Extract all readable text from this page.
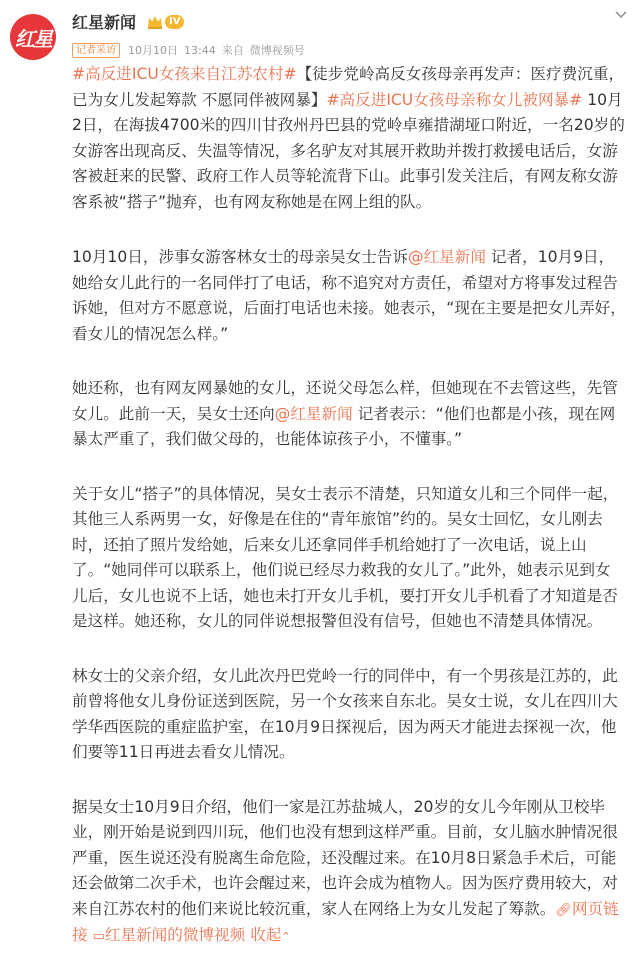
红星
红星新闻	IV
记者采访	10月10日 13:44 来自 微博视频号

#高反进ICU女孩来自江苏农村#【徒步党岭高反女孩母亲再发声：医疗费沉重，已为女儿发起筹款 不愿同伴被网暴】#高反进ICU女孩母亲称女儿被网暴# 10月2日，在海拔4700米的四川甘孜州丹巴县的党岭卓雍措湖垭口附近，一名20岁的女游客出现高反、失温等情况，多名驴友对其展开救助并拨打救援电话后，女游客被赶来的民警、政府工作人员等轮流背下山。此事引发关注后，有网友称女游客系被“搭子”抛弃，也有网友称她是在网上组的队。

10月10日，涉事女游客林女士的母亲吴女士告诉@红星新闻 记者，10月9日，她给女儿此行的一名同伴打了电话，称不追究对方责任，希望对方将事发过程告诉她，但对方不愿意说，后面打电话也未接。她表示，“现在主要是把女儿弄好，看女儿的情况怎么样。”

她还称，也有网友网暴她的女儿，还说父母怎么样，但她现在不去管这些，先管女儿。此前一天，吴女士还向@红星新闻 记者表示：“他们也都是小孩，现在网暴太严重了，我们做父母的，也能体谅孩子小，不懂事。”

关于女儿“搭子”的具体情况，吴女士表示不清楚，只知道女儿和三个同伴一起，其他三人系两男一女，好像是在住的“青年旅馆”约的。吴女士回忆，女儿刚去时，还拍了照片发给她，后来女儿还拿同伴手机给她打了一次电话，说上山了。“她同伴可以联系上，他们说已经尽力救我的女儿了。”此外，她表示见到女儿后，女儿也说不上话，她也未打开女儿手机，要打开女儿手机看了才知道是否是这样。她还称，女儿的同伴说想报警但没有信号，但她也不清楚具体情况。

林女士的父亲介绍，女儿此次丹巴党岭一行的同伴中，有一个男孩是江苏的，此前曾将他女儿身份证送到医院，另一个女孩来自东北。吴女士说，女儿在四川大学华西医院的重症监护室，在10月9日探视后，因为两天才能进去探视一次，他们要等11日再进去看女儿情况。

据吴女士10月9日介绍，他们一家是江苏盐城人，20岁的女儿今年刚从卫校毕业，刚开始是说到四川玩，他们也没有想到这样严重。目前，女儿脑水肿情况很严重，医生说还没有脱离生命危险，还没醒过来。在10月8日紧急手术后，可能还会做第二次手术，也许会醒过来，也许会成为植物人。因为医疗费用较大，对来自江苏农村的他们来说比较沉重，家人在网络上为女儿发起了筹款。🔗︎网页链接 ▭红星新闻的微博视频 收起⌃
